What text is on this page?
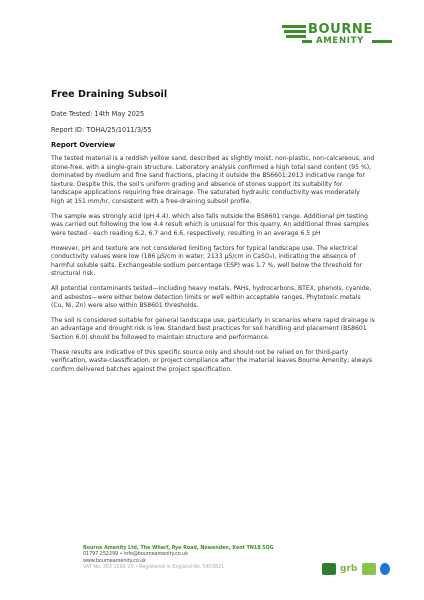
BOURNE
AMENITY
Free Draining Subsoil
Date Tested: 14th May 2025
Report ID: TOHA/25/1011/3/55
Report Overview

The tested material is a reddish yellow sand, described as slightly moist, non-plastic, non-calcareous, and stone-free, with a single-grain structure. Laboratory analysis confirmed a high total sand content (95 %), dominated by medium and fine sand fractions, placing it outside the BS6601:2013 indicative range for texture. Despite this, the soil's uniform grading and absence of stones support its suitability for landscape applications requiring free drainage. The saturated hydraulic conductivity was moderately high at 151 mm/hr, consistent with a free-draining subsoil profile.

The sample was strongly acid (pH 4.4), which also falls outside the BS8601 range. Additional pH testing was carried out following the low 4.4 result which is unusual for this quarry. An additional three samples were tested - each reading 6.2, 6.7 and 6.6, respectively, resulting in an average 6.5 pH

However, pH and texture are not considered limiting factors for typical landscape use. The electrical conductivity values were low (186 µS/cm in water; 2133 µS/cm in CaSO₄), indicating the absence of harmful soluble salts. Exchangeable sodium percentage (ESP) was 1.7 %, well below the threshold for structural risk.

All potential contaminants tested—including heavy metals, PAHs, hydrocarbons, BTEX, phenols, cyanide, and asbestos—were either below detection limits or well within acceptable ranges. Phytotoxic metals (Cu, Ni, Zn) were also within BS8601 thresholds.

The soil is considered suitable for general landscape use, particularly in scenarios where rapid drainage is an advantage and drought risk is low. Standard best practices for soil handling and placement (BS8601 Section 6.0) should be followed to maintain structure and performance.

These results are indicative of this specific source only and should not be relied on for third-party verification, waste-classification, or project compliance after the material leaves Bourne Amenity; always confirm delivered batches against the project specification.

Bourne Amenity Ltd, The Wharf, Rye Road, Newenden, Kent TN18 5QG
01797 252299 • info@bourneamenity.co.uk
www.bourneamenity.co.uk
VAT No. 363 1190 23 • Registered in England No. 5453821	grb
